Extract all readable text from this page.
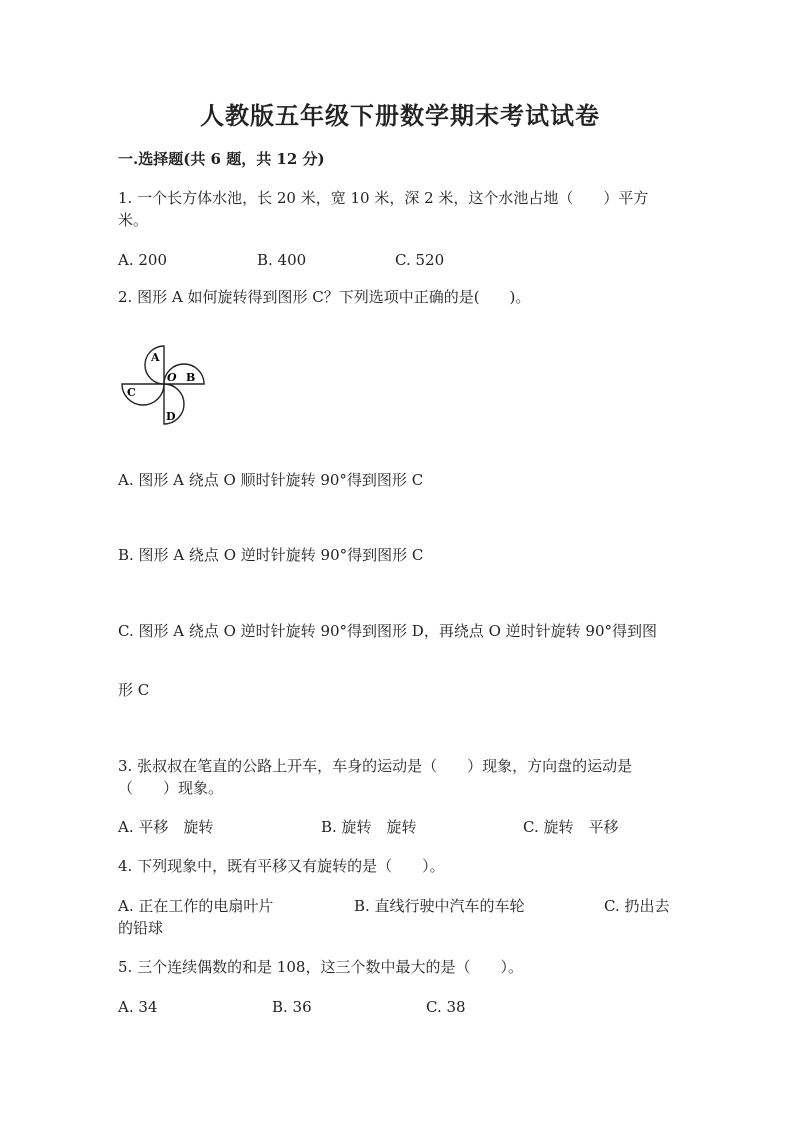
人教版五年级下册数学期末考试试卷
一.选择题(共 6 题，共 12 分)
1. 一个长方体水池，长 20 米，宽 10 米，深 2 米，这个水池占地（　　）平方
米。
A. 200	B. 400	C. 520
2. 图形 A 如何旋转得到图形 C？下列选项中正确的是(　　)。
A
O B
C
D
A. 图形 A 绕点 O 顺时针旋转 90°得到图形 C
B. 图形 A 绕点 O 逆时针旋转 90°得到图形 C
C. 图形 A 绕点 O 逆时针旋转 90°得到图形 D，再绕点 O 逆时针旋转 90°得到图
形 C
3. 张叔叔在笔直的公路上开车，车身的运动是（　　）现象，方向盘的运动是
（　　）现象。
A. 平移　旋转	B. 旋转　旋转	C. 旋转　平移
4. 下列现象中，既有平移又有旋转的是（　　）。
A. 正在工作的电扇叶片	B. 直线行驶中汽车的车轮	C. 扔出去
的铅球
5. 三个连续偶数的和是 108，这三个数中最大的是（　　）。
A. 34	B. 36	C. 38
